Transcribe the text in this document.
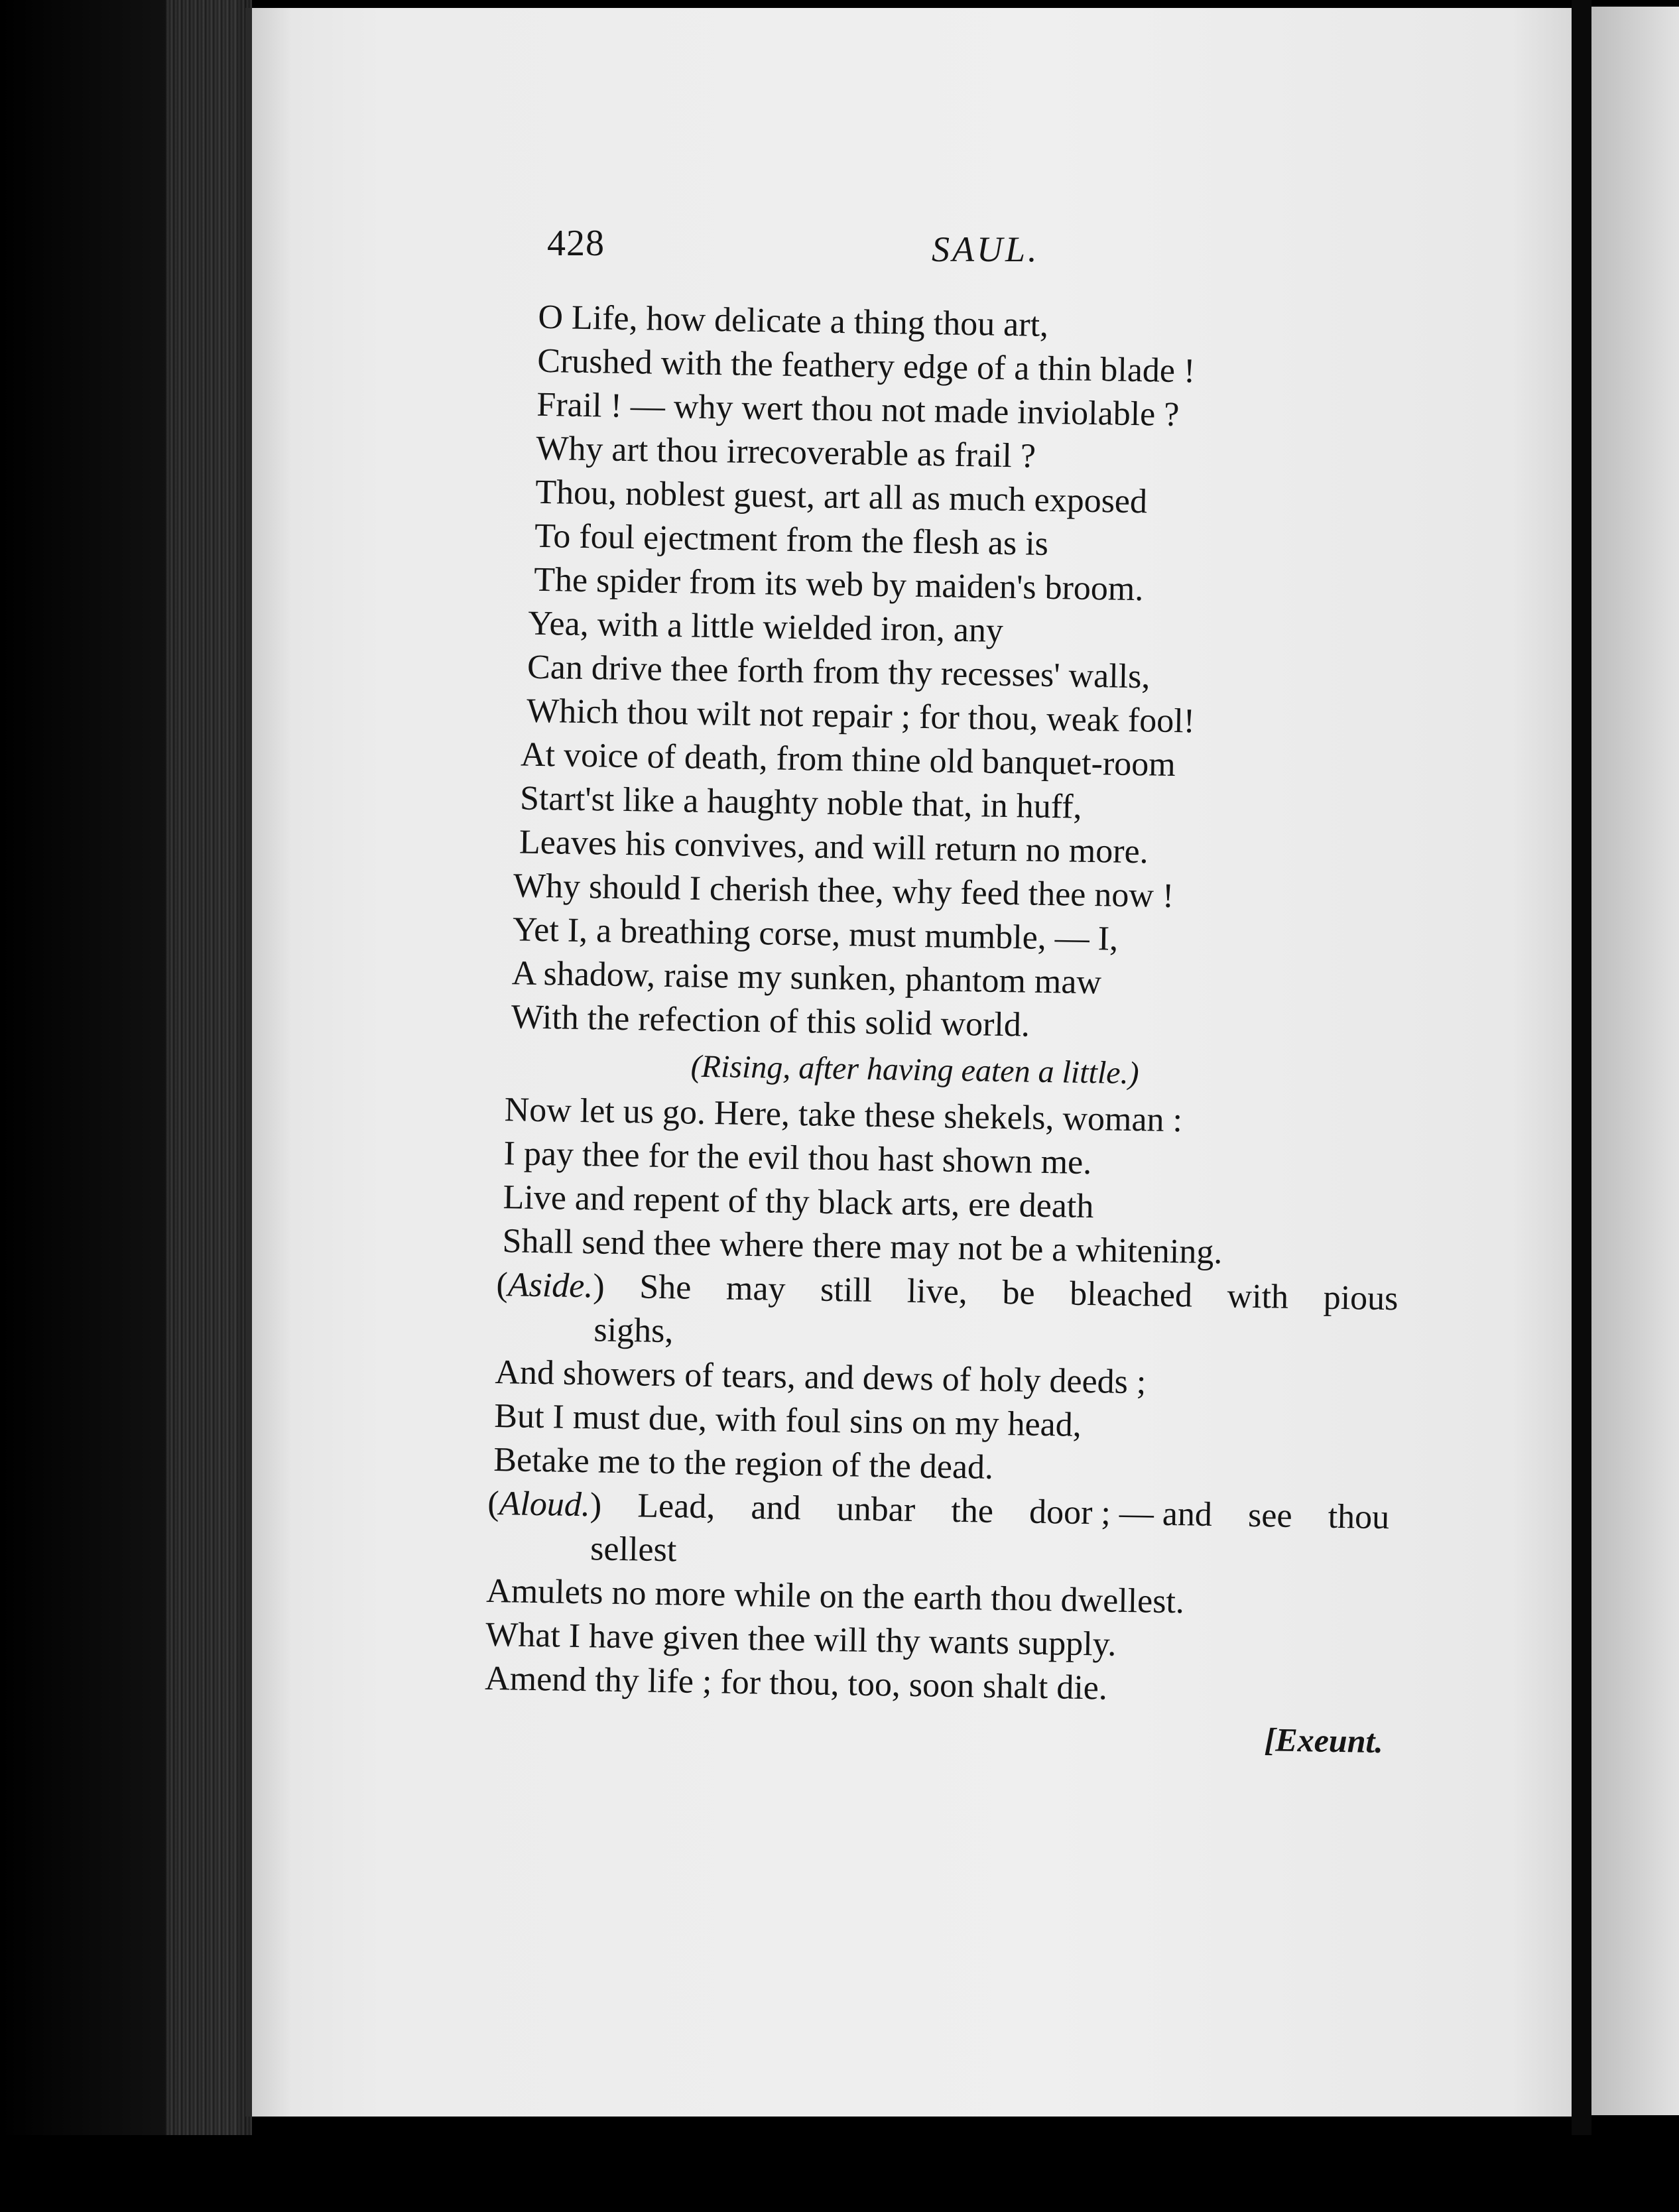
428	SAUL.
O Life, how delicate a thing thou art,
Crushed with the feathery edge of a thin blade !
Frail ! — why wert thou not made inviolable ?
Why art thou irrecoverable as frail ?
Thou, noblest guest, art all as much exposed
To foul ejectment from the flesh as is
The spider from its web by maiden's broom.
Yea, with a little wielded iron, any
Can drive thee forth from thy recesses' walls,
Which thou wilt not repair ; for thou, weak fool!
At voice of death, from thine old banquet-room
Start'st like a haughty noble that, in huff,
Leaves his convives, and will return no more.
Why should I cherish thee, why feed thee now !
Yet I, a breathing corse, must mumble, — I,
A shadow, raise my sunken, phantom maw
With the refection of this solid world.
(Rising, after having eaten a little.)
Now let us go. Here, take these shekels, woman :
I pay thee for the evil thou hast shown me.
Live and repent of thy black arts, ere death
Shall send thee where there may not be a whitening.
(Aside.) She may still live, be bleached with pious
sighs,
And showers of tears, and dews of holy deeds ;
But I must due, with foul sins on my head,
Betake me to the region of the dead.
(Aloud.) Lead, and unbar the door ; — and see thou
sellest
Amulets no more while on the earth thou dwellest.
What I have given thee will thy wants supply.
Amend thy life ; for thou, too, soon shalt die.
[Exeunt.
